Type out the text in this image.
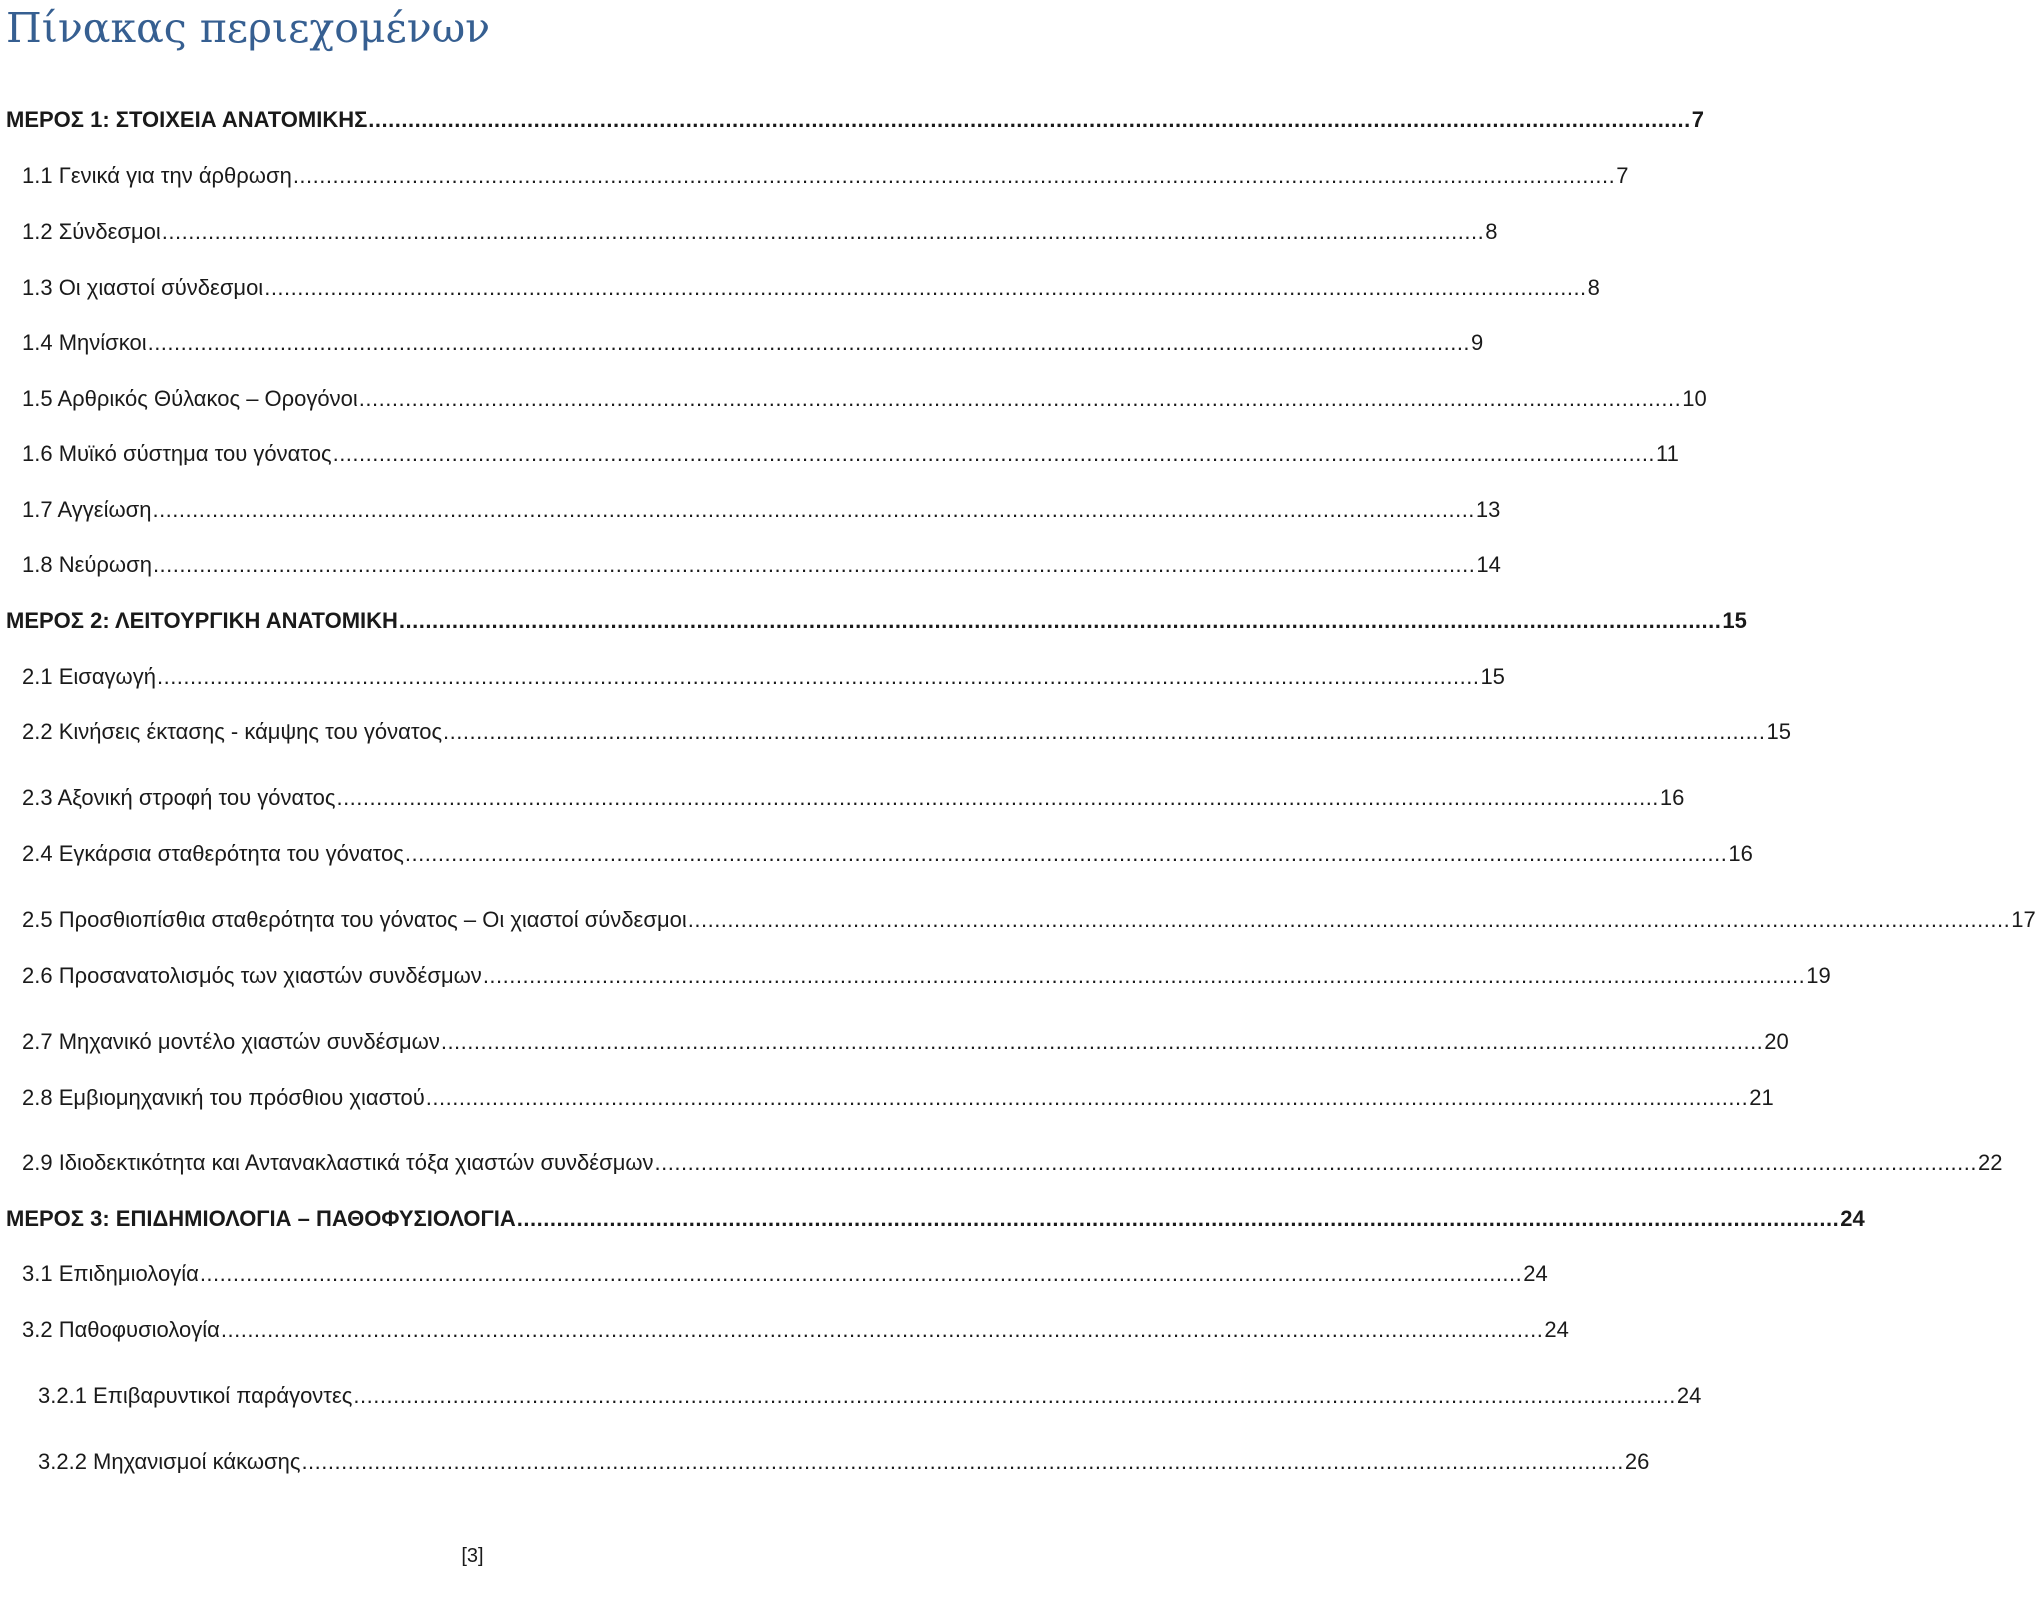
Πίνακας περιεχομένων
ΜΕΡΟΣ 1: ΣΤΟΙΧΕΙΑ ΑΝΑΤΟΜΙΚΗΣ ........................................................................................................................................................................................................ 7
1.1 Γενικά για την άρθρωση ........................................................................................................................................................................................................ 7
1.2 Σύνδεσμοι ........................................................................................................................................................................................................ 8
1.3 Οι χιαστοί σύνδεσμοι ........................................................................................................................................................................................................ 8
1.4 Μηνίσκοι ........................................................................................................................................................................................................ 9
1.5 Αρθρικός Θύλακος – Ορογόνοι ........................................................................................................................................................................................................ 10
1.6 Μυϊκό σύστημα του γόνατος ........................................................................................................................................................................................................ 11
1.7 Αγγείωση ........................................................................................................................................................................................................ 13
1.8 Νεύρωση ........................................................................................................................................................................................................ 14
ΜΕΡΟΣ 2: ΛΕΙΤΟΥΡΓΙΚΗ ΑΝΑΤΟΜΙΚΗ ........................................................................................................................................................................................................ 15
2.1 Εισαγωγή ........................................................................................................................................................................................................ 15
2.2 Κινήσεις έκτασης - κάμψης του γόνατος ........................................................................................................................................................................................................ 15
2.3 Αξονική στροφή του γόνατος ........................................................................................................................................................................................................ 16
2.4 Εγκάρσια σταθερότητα του γόνατος ........................................................................................................................................................................................................ 16
2.5 Προσθιοπίσθια σταθερότητα του γόνατος – Οι χιαστοί σύνδεσμοι ........................................................................................................................................................................................................ 17
2.6 Προσανατολισμός των χιαστών συνδέσμων ........................................................................................................................................................................................................ 19
2.7 Μηχανικό μοντέλο χιαστών συνδέσμων ........................................................................................................................................................................................................ 20
2.8 Εμβιομηχανική του πρόσθιου χιαστού ........................................................................................................................................................................................................ 21
2.9 Ιδιοδεκτικότητα και Αντανακλαστικά τόξα χιαστών συνδέσμων ........................................................................................................................................................................................................ 22
ΜΕΡΟΣ 3: ΕΠΙΔΗΜΙΟΛΟΓΙΑ – ΠΑΘΟΦΥΣΙΟΛΟΓΙΑ ........................................................................................................................................................................................................ 24
3.1 Επιδημιολογία ........................................................................................................................................................................................................ 24
3.2 Παθοφυσιολογία ........................................................................................................................................................................................................ 24
3.2.1 Επιβαρυντικοί παράγοντες ........................................................................................................................................................................................................ 24
3.2.2 Μηχανισμοί κάκωσης ........................................................................................................................................................................................................ 26
[3]
